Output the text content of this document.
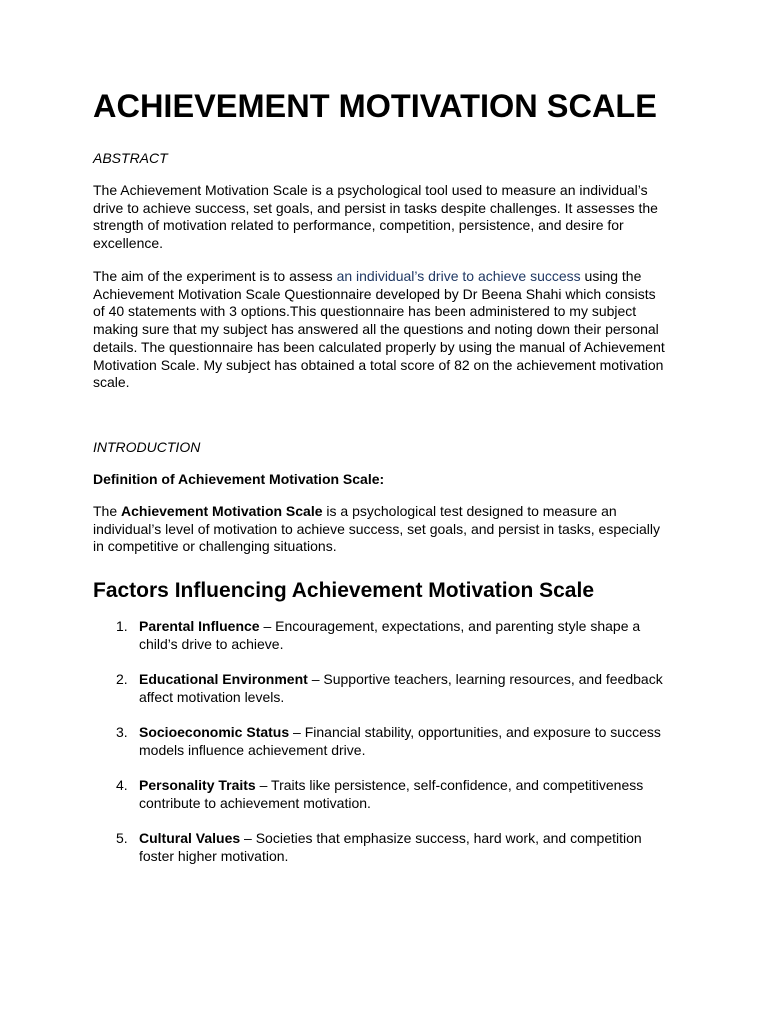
ACHIEVEMENT MOTIVATION SCALE

ABSTRACT

The Achievement Motivation Scale is a psychological tool used to measure an individual’s drive to achieve success, set goals, and persist in tasks despite challenges. It assesses the strength of motivation related to performance, competition, persistence, and desire for excellence.

The aim of the experiment is to assess an individual’s drive to achieve success using the Achievement Motivation Scale Questionnaire developed by Dr Beena Shahi which consists of 40 statements with 3 options.This questionnaire has been administered to my subject making sure that my subject has answered all the questions and noting down their personal details. The questionnaire has been calculated properly by using the manual of Achievement Motivation Scale. My subject has obtained a total score of 82 on the achievement motivation scale.

INTRODUCTION

Definition of Achievement Motivation Scale:

The Achievement Motivation Scale is a psychological test designed to measure an individual’s level of motivation to achieve success, set goals, and persist in tasks, especially in competitive or challenging situations.

Factors Influencing Achievement Motivation Scale
1. Parental Influence – Encouragement, expectations, and parenting style shape a child’s drive to achieve.
2. Educational Environment – Supportive teachers, learning resources, and feedback affect motivation levels.
3. Socioeconomic Status – Financial stability, opportunities, and exposure to success models influence achievement drive.
4. Personality Traits – Traits like persistence, self-confidence, and competitiveness contribute to achievement motivation.
5. Cultural Values – Societies that emphasize success, hard work, and competition foster higher motivation.
